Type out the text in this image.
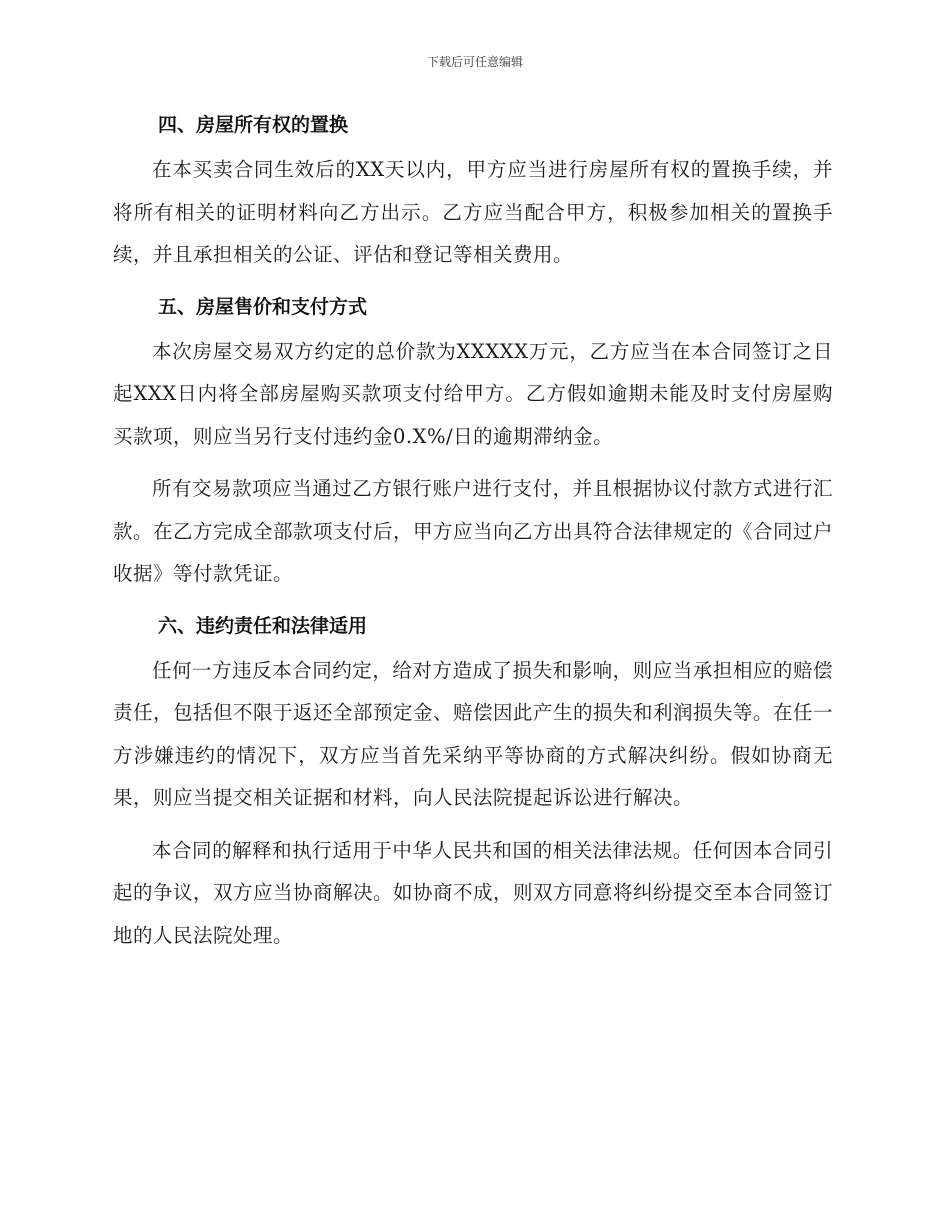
下载后可任意编辑
四、房屋所有权的置换

在本买卖合同生效后的XX天以内，甲方应当进行房屋所有权的置换手续，并将所有相关的证明材料向乙方出示。乙方应当配合甲方，积极参加相关的置换手续，并且承担相关的公证、评估和登记等相关费用。

五、房屋售价和支付方式

本次房屋交易双方约定的总价款为XXXXX万元，乙方应当在本合同签订之日起XXX日内将全部房屋购买款项支付给甲方。乙方假如逾期未能及时支付房屋购买款项，则应当另行支付违约金0.X%/日的逾期滞纳金。

所有交易款项应当通过乙方银行账户进行支付，并且根据协议付款方式进行汇款。在乙方完成全部款项支付后，甲方应当向乙方出具符合法律规定的《合同过户收据》等付款凭证。

六、违约责任和法律适用

任何一方违反本合同约定，给对方造成了损失和影响，则应当承担相应的赔偿责任，包括但不限于返还全部预定金、赔偿因此产生的损失和利润损失等。在任一方涉嫌违约的情况下，双方应当首先采纳平等协商的方式解决纠纷。假如协商无果，则应当提交相关证据和材料，向人民法院提起诉讼进行解决。

本合同的解释和执行适用于中华人民共和国的相关法律法规。任何因本合同引起的争议，双方应当协商解决。如协商不成，则双方同意将纠纷提交至本合同签订地的人民法院处理。
